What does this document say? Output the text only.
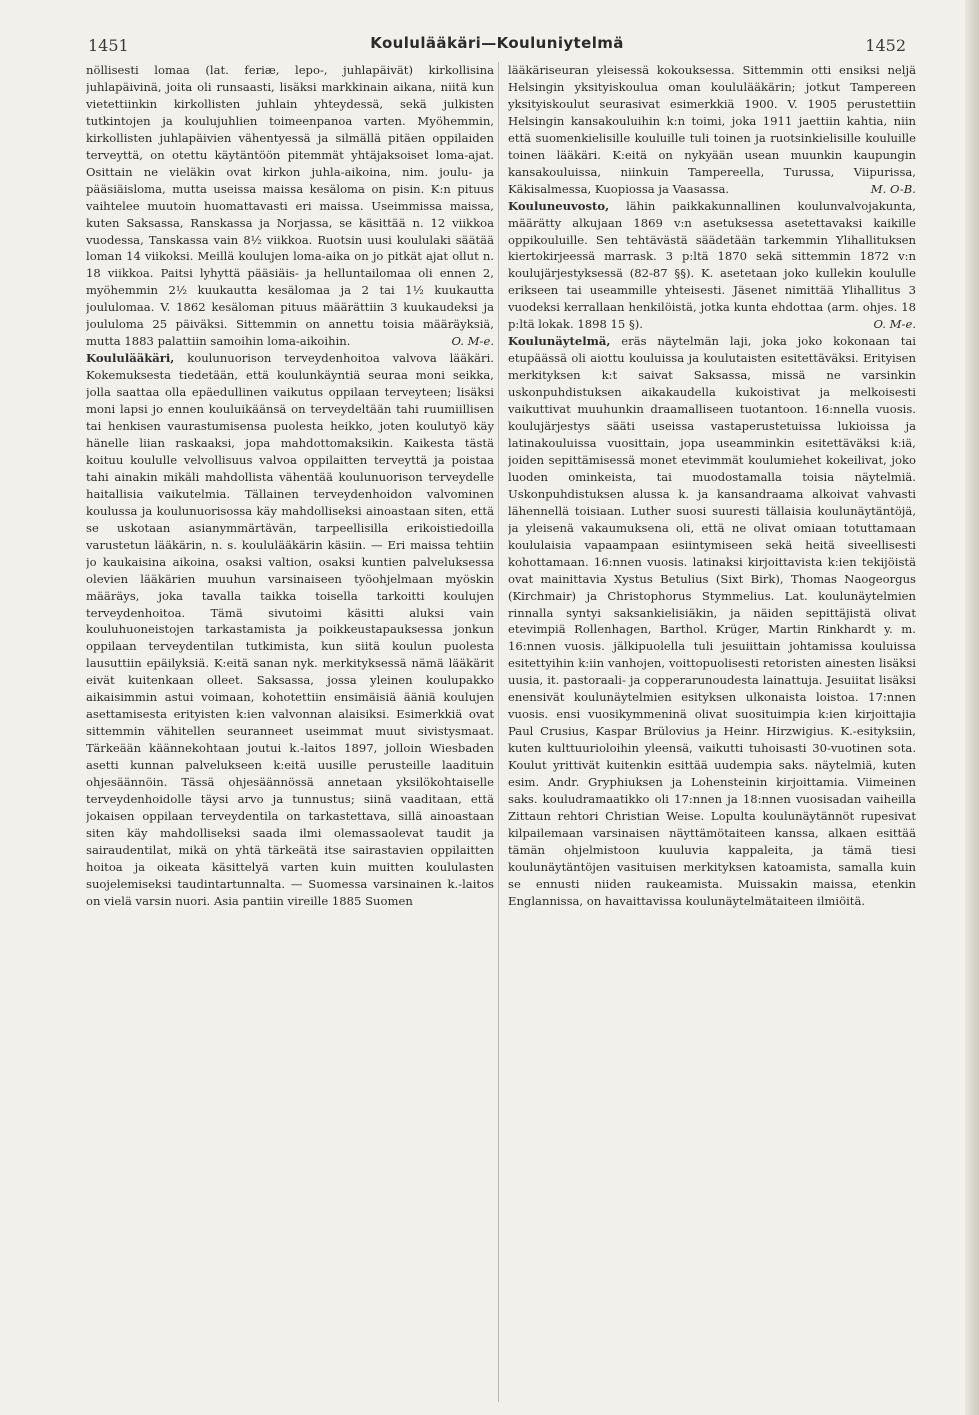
1451	Koululääkäri—Kouluniytelmä	1452

nöllisesti lomaa (lat. feriæ, lepo-, juhlapäivät) kirkollisina juhlapäivinä, joita oli runsaasti, lisäksi markkinain aikana, niitä kun vietettiinkin kirkollisten juhlain yhteydessä, sekä julkisten tutkintojen ja koulujuhlien toimeenpanoa varten. Myöhemmin, kirkollisten juhlapäivien vähentyessä ja silmällä pitäen oppilaiden terveyttä, on otettu käytäntöön pitemmät yhtäjaksoiset loma-ajat. Osittain ne vieläkin ovat kirkon juhla-aikoina, nim. joulu- ja pääsiäisloma, mutta useissa maissa kesäloma on pisin. K:n pituus vaihtelee muutoin huomattavasti eri maissa. Useimmissa maissa, kuten Saksassa, Ranskassa ja Norjassa, se käsittää n. 12 viikkoa vuodessa, Tanskassa vain 8½ viikkoa. Ruotsin uusi koululaki säätää loman 14 viikoksi. Meillä koulujen loma-aika on jo pitkät ajat ollut n. 18 viikkoa. Paitsi lyhyttä pääsiäis- ja helluntailomaa oli ennen 2, myöhemmin 2½ kuukautta kesälomaa ja 2 tai 1½ kuukautta joululomaa. V. 1862 kesäloman pituus määrättiin 3 kuukaudeksi ja joululoma 25 päiväksi. Sittemmin on annettu toisia määräyksiä, mutta 1883 palattiin samoihin loma-aikoihin.	O. M-e.

Koululääkäri, koulunuorison terveydenhoitoa valvova lääkäri. Kokemuksesta tiedetään, että koulunkäyntiä seuraa moni seikka, jolla saattaa olla epäedullinen vaikutus oppilaan terveyteen; lisäksi moni lapsi jo ennen kouluikäänsä on terveydeltään tahi ruumiillisen tai henkisen vaurastumisensa puolesta heikko, joten koulutyö käy hänelle liian raskaaksi, jopa mahdottomaksikin. Kaikesta tästä koituu koululle velvollisuus valvoa oppilaitten terveyttä ja poistaa tahi ainakin mikäli mahdollista vähentää koulunuorison terveydelle haitallisia vaikutelmia. Tällainen terveydenhoidon valvominen koulussa ja koulunuorisossa käy mahdolliseksi ainoastaan siten, että se uskotaan asianymmärtävän, tarpeellisilla erikoistiedoilla varustetun lääkärin, n. s. koululääkärin käsiin. — Eri maissa tehtiin jo kaukaisina aikoina, osaksi valtion, osaksi kuntien palveluksessa olevien lääkärien muuhun varsinaiseen työohjelmaan myöskin määräys, joka tavalla taikka toisella tarkoitti koulujen terveydenhoitoa. Tämä sivutoimi käsitti aluksi vain kouluhuoneistojen tarkastamista ja poikkeustapauksessa jonkun oppilaan terveydentilan tutkimista, kun siitä koulun puolesta lausuttiin epäilyksiä. K:eitä sanan nyk. merkityksessä nämä lääkärit eivät kuitenkaan olleet. Saksassa, jossa yleinen koulupakko aikaisimmin astui voimaan, kohotettiin ensimäisiä ääniä koulujen asettamisesta erityisten k:ien valvonnan alaisiksi. Esimerkkiä ovat sittemmin vähitellen seuranneet useimmat muut sivistysmaat. Tärkeään käännekohtaan joutui k.-laitos 1897, jolloin Wiesbaden asetti kunnan palvelukseen k:eitä uusille perusteille laadituin ohjesäännöin. Tässä ohjesäännössä annetaan yksilökohtaiselle terveydenhoidolle täysi arvo ja tunnustus; siinä vaaditaan, että jokaisen oppilaan terveydentila on tarkastettava, sillä ainoastaan siten käy mahdolliseksi saada ilmi olemassaolevat taudit ja sairaudentilat, mikä on yhtä tärkeätä itse sairastavien oppilaitten hoitoa ja oikeata käsittelyä varten kuin muitten koululasten suojelemiseksi taudintartunnalta. — Suomessa varsinainen k.-laitos on vielä varsin nuori. Asia pantiin vireille 1885 Suomen

lääkäriseuran yleisessä kokouksessa. Sittemmin otti ensiksi neljä Helsingin yksityiskoulua oman koululääkärin; jotkut Tampereen yksityiskoulut seurasivat esimerkkiä 1900. V. 1905 perustettiin Helsingin kansakouluihin k:n toimi, joka 1911 jaettiin kahtia, niin että suomenkielisille kouluille tuli toinen ja ruotsinkielisille kouluille toinen lääkäri. K:eitä on nykyään usean muunkin kaupungin kansakouluissa, niinkuin Tampereella, Turussa, Viipurissa, Käkisalmessa, Kuopiossa ja Vaasassa.	M. O-B.

Kouluneuvosto, lähin paikkakunnallinen koulunvalvojakunta, määrätty alkujaan 1869 v:n asetuksessa asetettavaksi kaikille oppikouluille. Sen tehtävästä säädetään tarkemmin Ylihallituksen kiertokirjeessä marrask. 3 p:ltä 1870 sekä sittemmin 1872 v:n koulujärjestyksessä (82-87 §§). K. asetetaan joko kullekin koululle erikseen tai useammille yhteisesti. Jäsenet nimittää Ylihallitus 3 vuodeksi kerrallaan henkilöistä, jotka kunta ehdottaa (arm. ohjes. 18 p:ltä lokak. 1898 15 §).	O. M-e.

Koulunäytelmä, eräs näytelmän laji, joka joko kokonaan tai etupäässä oli aiottu kouluissa ja koulutaisten esitettäväksi. Erityisen merkityksen k:t saivat Saksassa, missä ne varsinkin uskonpuhdistuksen aikakaudella kukoistivat ja melkoisesti vaikuttivat muuhunkin draamalliseen tuotantoon. 16:nnella vuosis. koulujärjestys sääti useissa vastaperustetuissa lukioissa ja latinakouluissa vuosittain, jopa useamminkin esitettäväksi k:iä, joiden sepittämisessä monet etevimmät koulumiehet kokeilivat, joko luoden ominkeista, tai muodostamalla toisia näytelmiä. Uskonpuhdistuksen alussa k. ja kansandraama alkoivat vahvasti lähennellä toisiaan. Luther suosi suuresti tällaisia koulunäytäntöjä, ja yleisenä vakaumuksena oli, että ne olivat omiaan totuttamaan koululaisia vapaampaan esiintymiseen sekä heitä siveellisesti kohottamaan. 16:nnen vuosis. latinaksi kirjoittavista k:ien tekijöistä ovat mainittavia Xystus Betulius (Sixt Birk), Thomas Naogeorgus (Kirchmair) ja Christophorus Stymmelius. Lat. koulunäytelmien rinnalla syntyi saksankielisiäkin, ja näiden sepittäjistä olivat etevimpiä Rollenhagen, Barthol. Krüger, Martin Rinkhardt y. m. 16:nnen vuosis. jälkipuolella tuli jesuiittain johtamissa kouluissa esitettyihin k:iin vanhojen, voittopuolisesti retoristen ainesten lisäksi uusia, it. pastoraali- ja copperarunoudesta lainattuja. Jesuiitat lisäksi enensivät koulunäytelmien esityksen ulkonaista loistoa. 17:nnen vuosis. ensi vuosikymmeninä olivat suosituimpia k:ien kirjoittajia Paul Crusius, Kaspar Brülovius ja Heinr. Hirzwigius. K.-esityksiin, kuten kulttuurioloihin yleensä, vaikutti tuhoisasti 30-vuotinen sota. Koulut yrittivät kuitenkin esittää uudempia saks. näytelmiä, kuten esim. Andr. Gryphiuksen ja Lohensteinin kirjoittamia. Viimeinen saks. kouludramaatikko oli 17:nnen ja 18:nnen vuosisadan vaiheilla Zittaun rehtori Christian Weise. Lopulta koulunäytännöt rupesivat kilpailemaan varsinaisen näyttämötaiteen kanssa, alkaen esittää tämän ohjelmistoon kuuluvia kappaleita, ja tämä tiesi koulunäytäntöjen vasituisen merkityksen katoamista, samalla kuin se ennusti niiden raukeamista. Muissakin maissa, etenkin Englannissa, on havaittavissa koulunäytelmätaiteen ilmiöitä.
